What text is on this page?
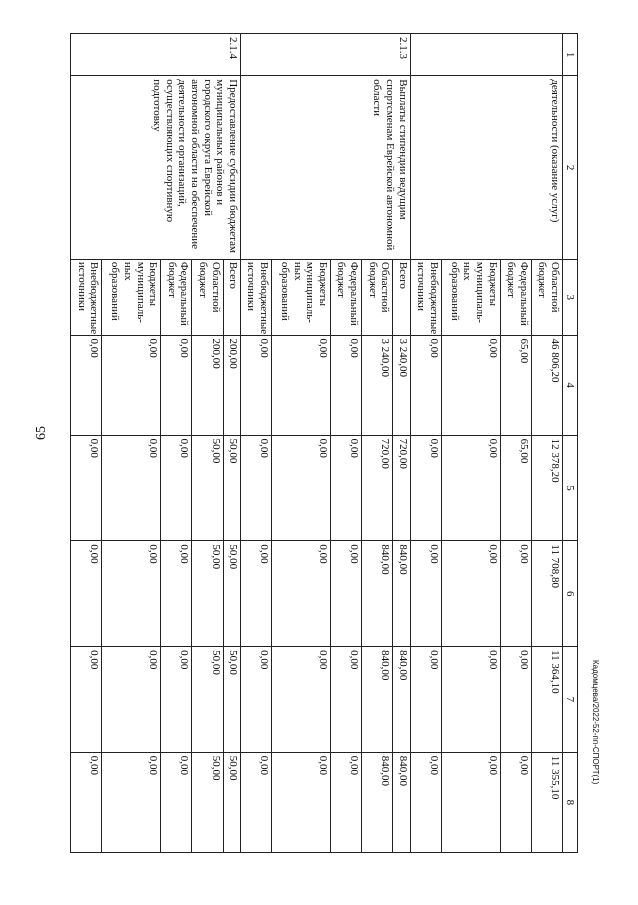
65
Кадомцева/2022-52-пп-СПОРТ(1)
1	2	3	4	5	6	7	8
	деятельности (оказание услуг)	Областной бюджет	46 806,20	12 378,20	11 708,80	11 364,10	11 355,10
		Федеральный бюджет	65,00	65,00	0,00	0,00	0,00
		Бюджеты муниципаль-ных образований	0,00	0,00	0,00	0,00	0,00
		Внебюджетные источники	0,00	0,00	0,00	0,00	0,00
2.1.3	Выплаты стипендии ведущим спортсменам Еврейской автономной области	Всего	3 240,00	720,00	840,00	840,00	840,00
		Областной бюджет	3 240,00	720,00	840,00	840,00	840,00
		Федеральный бюджет	0,00	0,00	0,00	0,00	0,00
		Бюджеты муниципаль-ных образований	0,00	0,00	0,00	0,00	0,00
		Внебюджетные источники	0,00	0,00	0,00	0,00	0,00
2.1.4	Предоставление субсидии бюджетам муниципальных районов и городского округа Еврейской автономной области на обеспечение деятельности организаций, осуществляющих спортивную подготовку	Всего	200,00	50,00	50,00	50,00	50,00
		Областной бюджет	200,00	50,00	50,00	50,00	50,00
		Федеральный бюджет	0,00	0,00	0,00	0,00	0,00
		Бюджеты муниципаль-ных образований	0,00	0,00	0,00	0,00	0,00
		Внебюджетные источники	0,00	0,00	0,00	0,00	0,00
